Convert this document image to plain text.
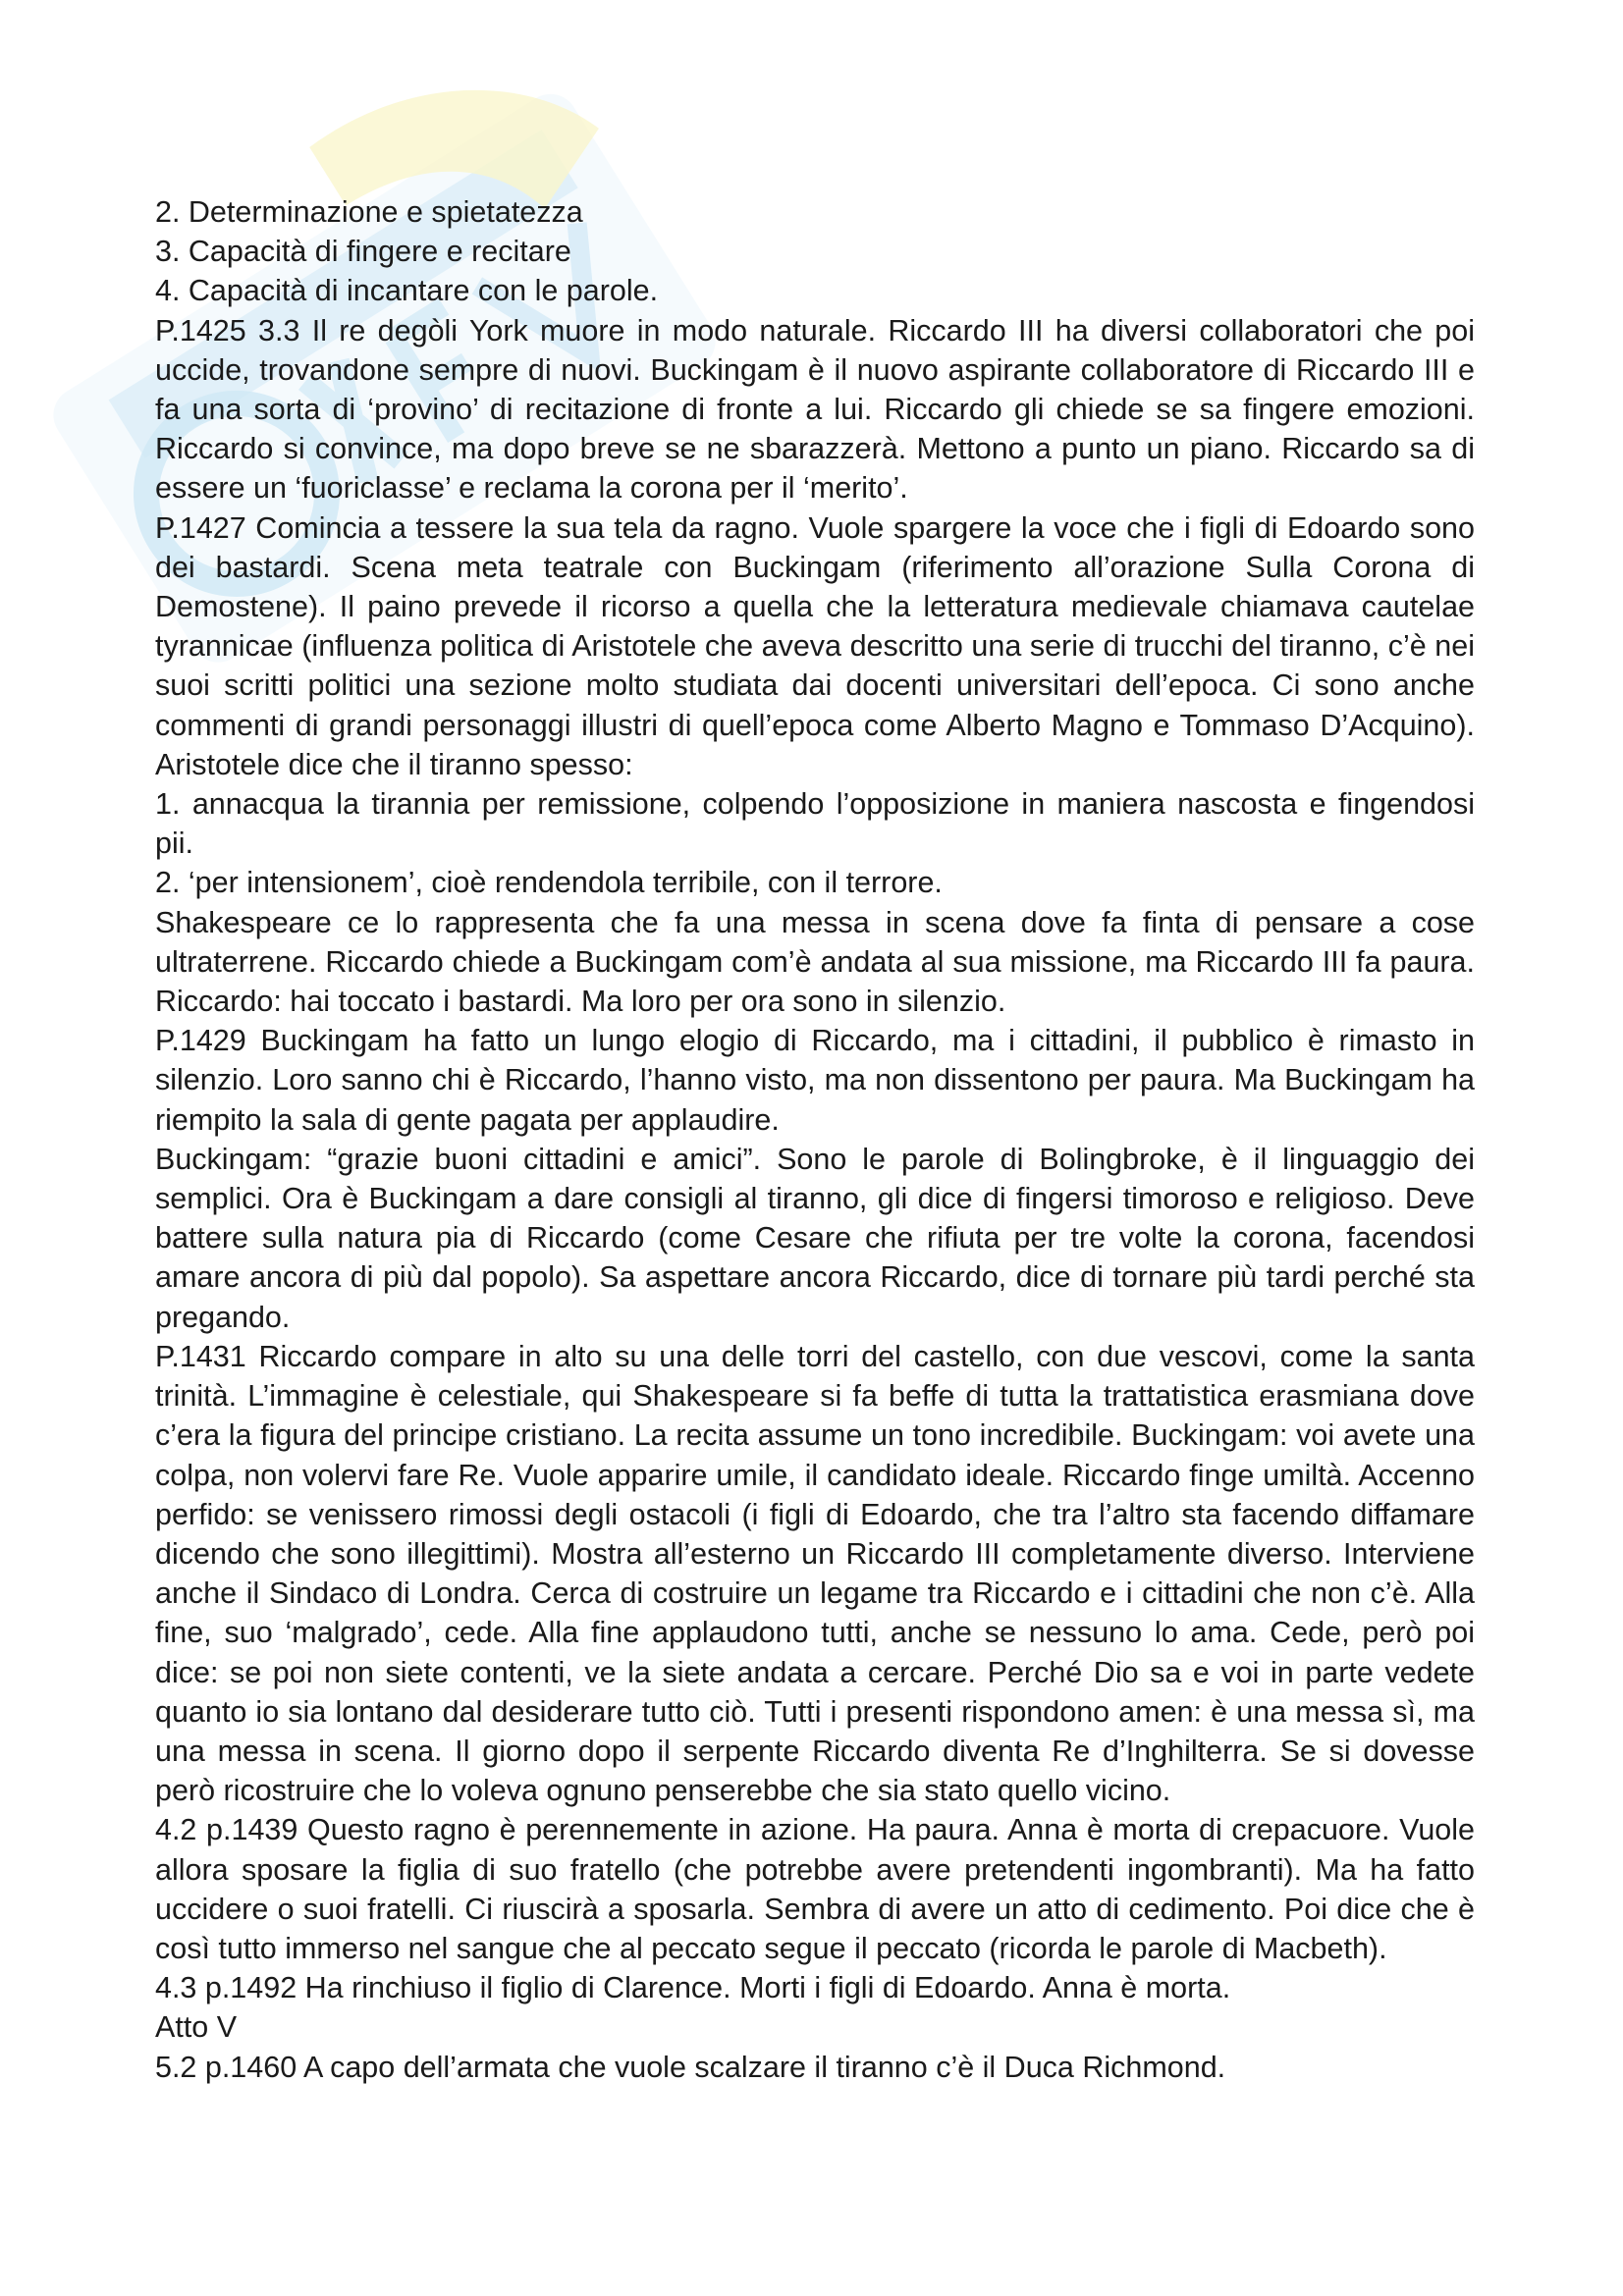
2. Determinazione e spietatezza

3. Capacità di fingere e recitare

4. Capacità di incantare con le parole.

P.1425 3.3 Il re degòli York muore in modo naturale. Riccardo III ha diversi collaboratori che poi uccide, trovandone sempre di nuovi. Buckingam è il nuovo aspirante collaboratore di Riccardo III e fa una sorta di ‘provino’ di recitazione di fronte a lui. Riccardo gli chiede se sa fingere emozioni. Riccardo si convince, ma dopo breve se ne sbarazzerà. Mettono a punto un piano. Riccardo sa di essere un ‘fuoriclasse’ e reclama la corona per il ‘merito’.

P.1427 Comincia a tessere la sua tela da ragno. Vuole spargere la voce che i figli di Edoardo sono dei bastardi. Scena meta teatrale con Buckingam (riferimento all’orazione Sulla Corona di Demostene). Il paino prevede il ricorso a quella che la letteratura medievale chiamava cautelae tyrannicae (influenza politica di Aristotele che aveva descritto una serie di trucchi del tiranno, c’è nei suoi scritti politici una sezione molto studiata dai docenti universitari dell’epoca. Ci sono anche commenti di grandi personaggi illustri di quell’epoca come Alberto Magno e Tommaso D’Acquino). Aristotele dice che il tiranno spesso:

1. annacqua la tirannia per remissione, colpendo l’opposizione in maniera nascosta e fingendosi pii.

2. ‘per intensionem’, cioè rendendola terribile, con il terrore.

Shakespeare ce lo rappresenta che fa una messa in scena dove fa finta di pensare a cose ultraterrene. Riccardo chiede a Buckingam com’è andata al sua missione, ma Riccardo III fa paura. Riccardo: hai toccato i bastardi. Ma loro per ora sono in silenzio.

P.1429 Buckingam ha fatto un lungo elogio di Riccardo, ma i cittadini, il pubblico è rimasto in silenzio. Loro sanno chi è Riccardo, l’hanno visto, ma non dissentono per paura. Ma Buckingam ha riempito la sala di gente pagata per applaudire.

Buckingam: “grazie buoni cittadini e amici”. Sono le parole di Bolingbroke, è il linguaggio dei semplici. Ora è Buckingam a dare consigli al tiranno, gli dice di fingersi timoroso e religioso. Deve battere sulla natura pia di Riccardo (come Cesare che rifiuta per tre volte la corona, facendosi amare ancora di più dal popolo). Sa aspettare ancora Riccardo, dice di tornare più tardi perché sta pregando.

P.1431 Riccardo compare in alto su una delle torri del castello, con due vescovi, come la santa trinità. L’immagine è celestiale, qui Shakespeare si fa beffe di tutta la trattatistica erasmiana dove c’era la figura del principe cristiano. La recita assume un tono incredibile. Buckingam: voi avete una colpa, non volervi fare Re. Vuole apparire umile, il candidato ideale. Riccardo finge umiltà. Accenno perfido: se venissero rimossi degli ostacoli (i figli di Edoardo, che tra l’altro sta facendo diffamare dicendo che sono illegittimi). Mostra all’esterno un Riccardo III completamente diverso. Interviene anche il Sindaco di Londra. Cerca di costruire un legame tra Riccardo e i cittadini che non c’è. Alla fine, suo ‘malgrado’, cede. Alla fine applaudono tutti, anche se nessuno lo ama. Cede, però poi dice: se poi non siete contenti, ve la siete andata a cercare. Perché Dio sa e voi in parte vedete quanto io sia lontano dal desiderare tutto ciò. Tutti i presenti rispondono amen: è una messa sì, ma una messa in scena. Il giorno dopo il serpente Riccardo diventa Re d’Inghilterra. Se si dovesse però ricostruire che lo voleva ognuno penserebbe che sia stato quello vicino.

4.2 p.1439 Questo ragno è perennemente in azione. Ha paura. Anna è morta di crepacuore. Vuole allora sposare la figlia di suo fratello (che potrebbe avere pretendenti ingombranti). Ma ha fatto uccidere o suoi fratelli. Ci riuscirà a sposarla. Sembra di avere un atto di cedimento. Poi dice che è così tutto immerso nel sangue che al peccato segue il peccato (ricorda le parole di Macbeth).

4.3 p.1492 Ha rinchiuso il figlio di Clarence. Morti i figli di Edoardo. Anna è morta.

Atto V

5.2 p.1460 A capo dell’armata che vuole scalzare il tiranno c’è il Duca Richmond.
